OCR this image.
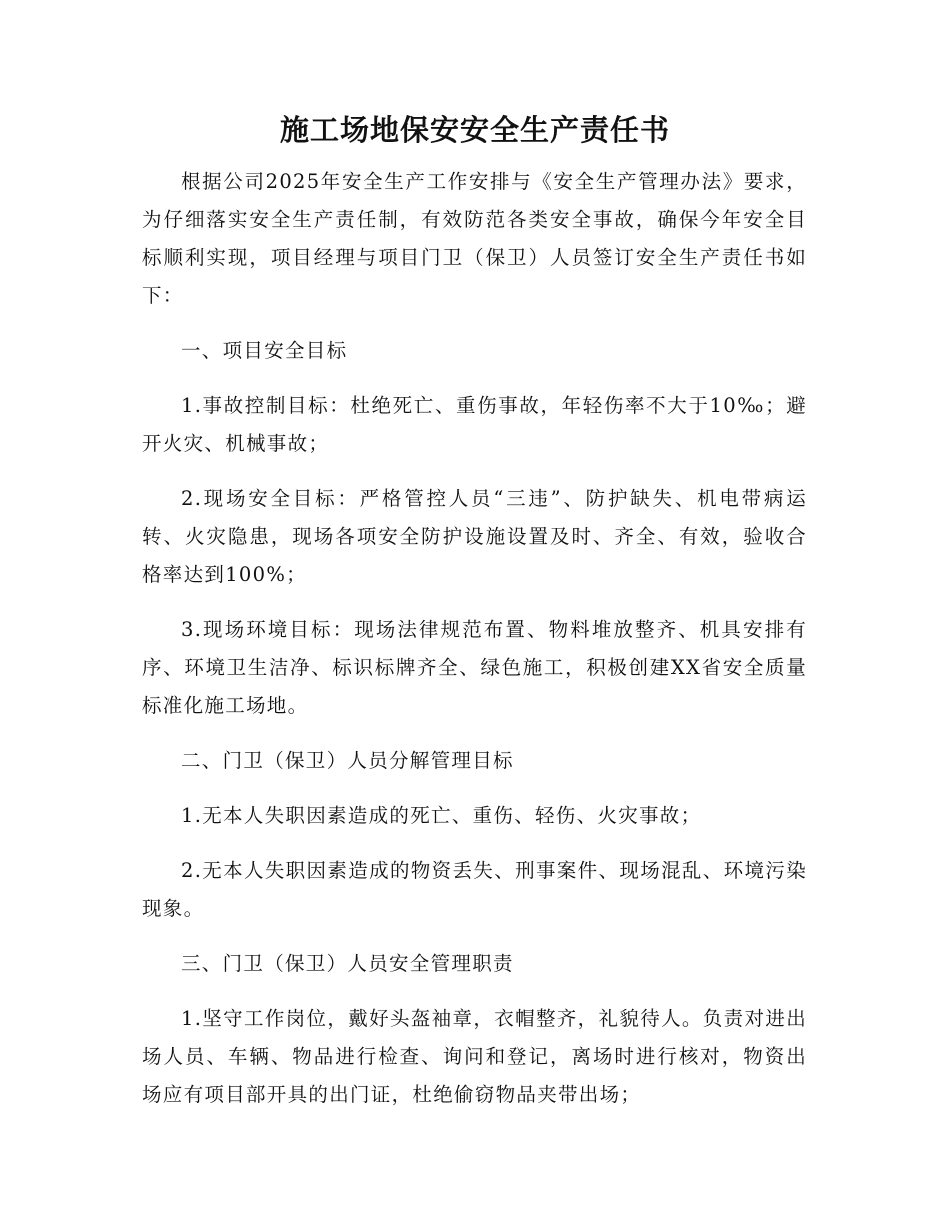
施工场地保安安全生产责任书

根据公司2025年安全生产工作安排与《安全生产管理办法》要求，为仔细落实安全生产责任制，有效防范各类安全事故，确保今年安全目标顺利实现，项目经理与项目门卫（保卫）人员签订安全生产责任书如下：

一、项目安全目标

1.事故控制目标：杜绝死亡、重伤事故，年轻伤率不大于10‰；避开火灾、机械事故；

2.现场安全目标：严格管控人员“三违”、防护缺失、机电带病运转、火灾隐患，现场各项安全防护设施设置及时、齐全、有效，验收合格率达到100%；

3.现场环境目标：现场法律规范布置、物料堆放整齐、机具安排有序、环境卫生洁净、标识标牌齐全、绿色施工，积极创建XX省安全质量标准化施工场地。

二、门卫（保卫）人员分解管理目标

1.无本人失职因素造成的死亡、重伤、轻伤、火灾事故；

2.无本人失职因素造成的物资丢失、刑事案件、现场混乱、环境污染现象。

三、门卫（保卫）人员安全管理职责

1.坚守工作岗位，戴好头盔袖章，衣帽整齐，礼貌待人。负责对进出场人员、车辆、物品进行检查、询问和登记，离场时进行核对，物资出场应有项目部开具的出门证，杜绝偷窃物品夹带出场；
